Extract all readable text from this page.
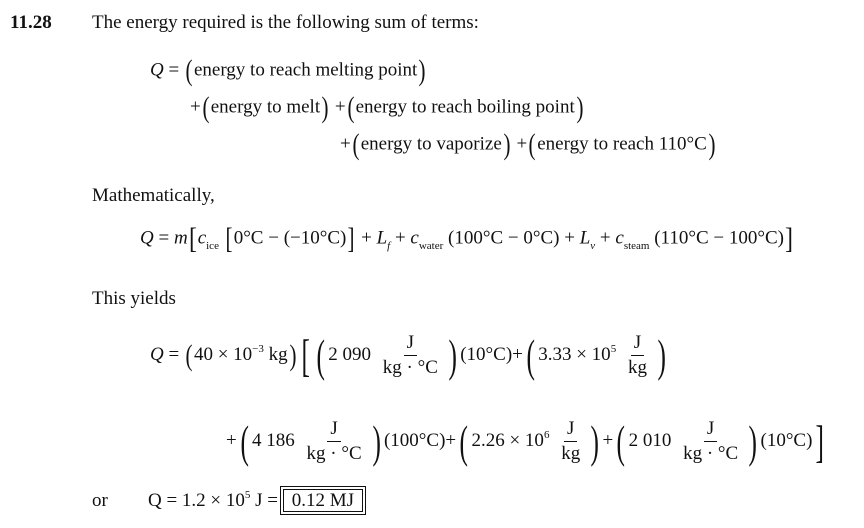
11.28 The energy required is the following sum of terms:
Q = (energy to reach melting point)
+(energy to melt) +(energy to reach boiling point)
+(energy to vaporize) +(energy to reach 110°C)
Mathematically,
$Q = m[c_{ice}$ $[0^\circ C - (-10^\circ C)] + L_f + c_{water}$ $(100^\circ C - 0^\circ C) + L_v + c_{steam}$ (110°C − 100°C)]
This yields
$Q = (40 \times 10^{-3}$ kg) [ ( 2 $090 \frac{J}{kg \cdot ^\circ C}$ ) (10°C)+( $3.33 \times 10^5 \frac{J}{kg}$ )
+( 4 $186 \frac{J}{kg \cdot ^\circ C}$ ) (100°C)+( $2.26 \times 10^6 \frac{J}{kg}$ ) +( 2 $010 \frac{J}{kg \cdot ^\circ C}$ ) (10°C)]
or $Q = 1.2 \times 10^5$ J = 0.12 MJ
